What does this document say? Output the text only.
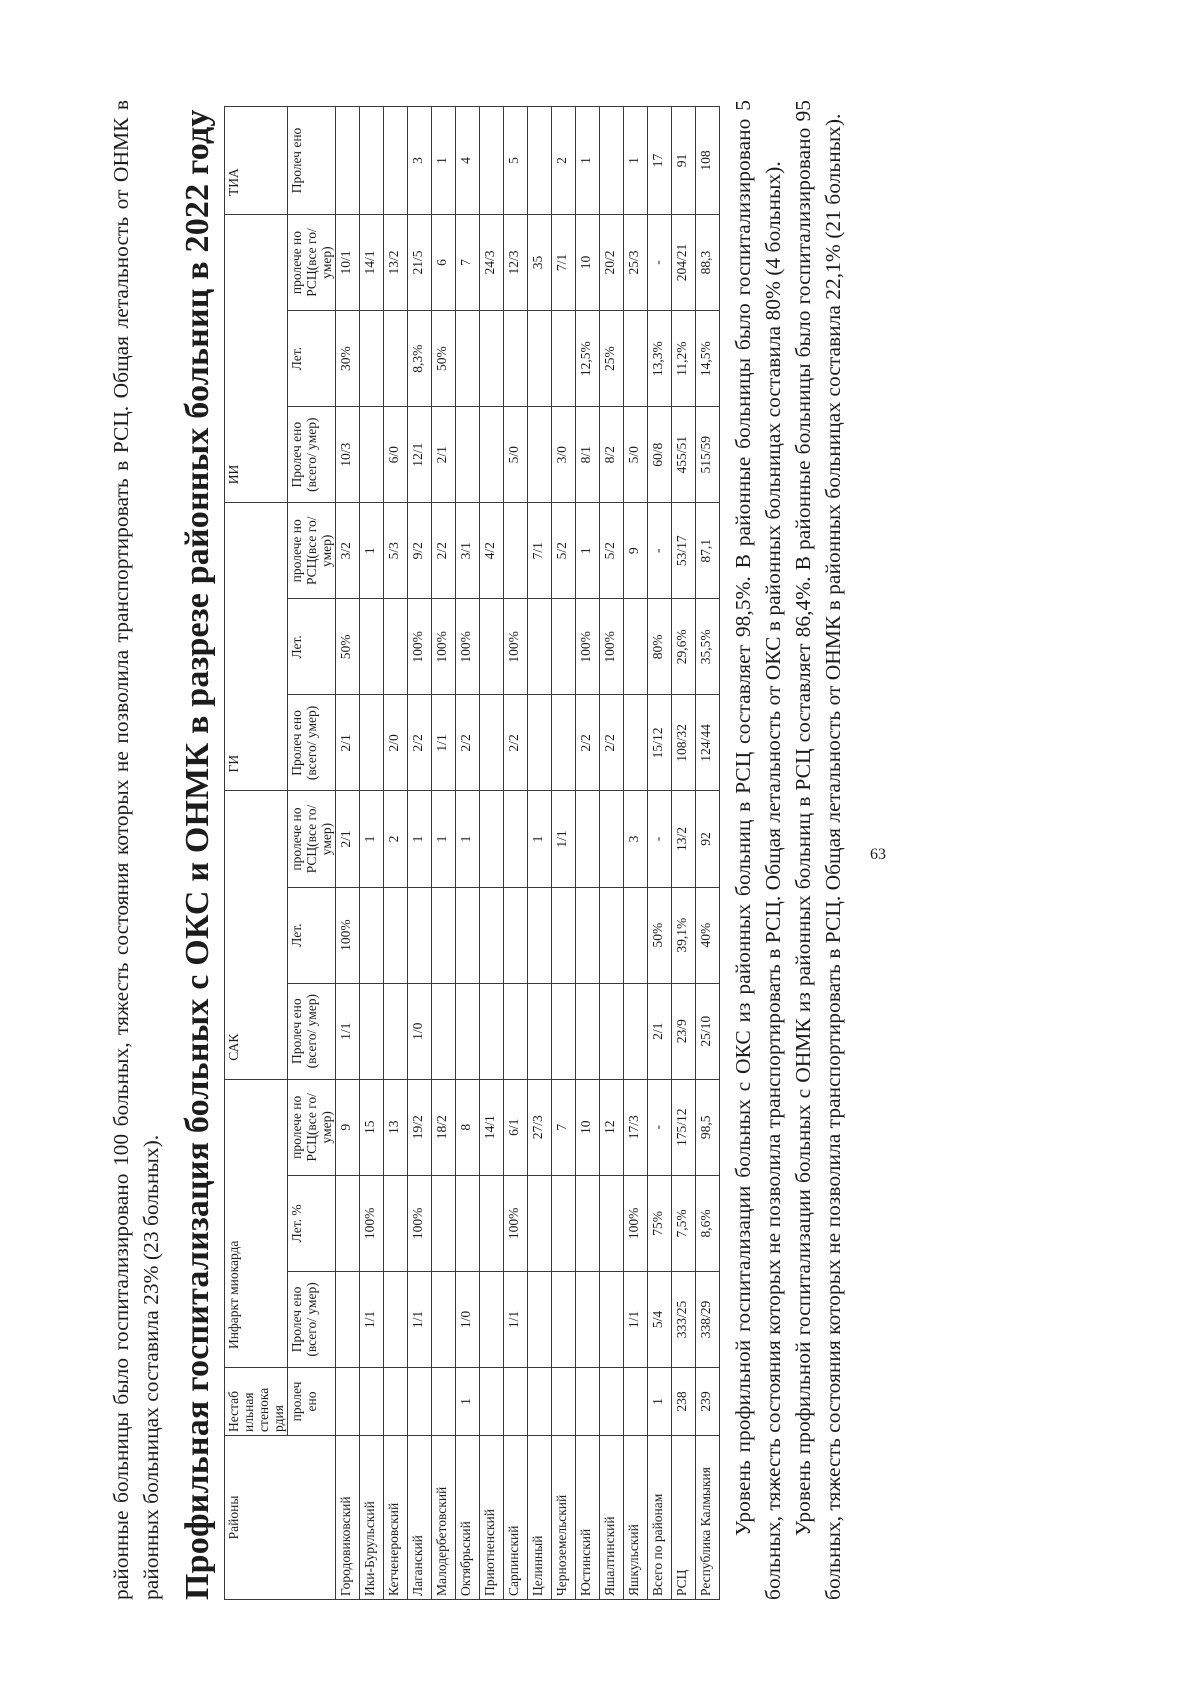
районные больницы было госпитализировано 100 больных, тяжесть состояния которых не позволила транспортировать в РСЦ. Общая летальность от ОНМК в районных больницах составила 23% (23 больных). Профильная госпитализация больных с ОКС и ОНМК в разрезе районных больниц в 2022 году Районы	Нестаб ильная стенока рдия	Инфаркт миокарда			САК			ГИ			ИИ			ТИА
	пролеч ено	Пролеч ено (всего/ умер)	Лет. %	пролече но РСЦ(все го/умер)	Пролеч ено (всего/ умер)	Лет.	пролече но РСЦ(все го/умер)	Пролеч ено (всего/ умер)	Лет.	пролече но РСЦ(все го/умер)	Пролеч ено (всего/ умер)	Лет.	пролече но РСЦ(все го/умер)	Пролеч ено
Городовиковский				9	1/1	100%	2/1	2/1	50%	3/2	10/3	30%	10/1	
Ики-Бурульский		1/1	100%	15			1			1			14/1	
Кетченеровский				13			2	2/0		5/3	6/0		13/2	
Лаганский		1/1	100%	19/2	1/0		1	2/2	100%	9/2	12/1	8,3%	21/5	3
Малодербетовский				18/2			1	1/1	100%	2/2	2/1	50%	6	1
Октябрьский	1	1/0		8			1	2/2	100%	3/1			7	4
Приютненский				14/1						4/2			24/3	
Сарпинский		1/1	100%	6/1				2/2	100%		5/0		12/3	5
Целинный				27/3			1			7/1			35	
Черноземельский				7			1/1			5/2	3/0		7/1	2
Юстинский				10				2/2	100%	1	8/1	12,5%	10	1
Яшалтинский				12				2/2	100%	5/2	8/2	25%	20/2	
Яшкульский		1/1	100%	17/3			3			9	5/0		25/3	1
Всего по районам	1	5/4	75%	-	2/1	50%	-	15/12	80%	-	60/8	13,3%	-	17
РСЦ	238	333/25	7,5%	175/12	23/9	39,1%	13/2	108/32	29,6%	53/17	455/51	11,2%	204/21	91
Республика Калмыкия	239	338/29	8,6%	98,5	25/10	40%	92	124/44	35,5%	87,1	515/59	14,5%	88,3	108 Уровень профильной госпитализации больных с ОКС из районных больниц в РСЦ составляет 98,5%. В районные больницы было госпитализировано 5 больных, тяжесть состояния которых не позволила транспортировать в РСЦ. Общая летальность от ОКС в районных больницах составила 80% (4 больных). Уровень профильной госпитализации больных с ОНМК из районных больниц в РСЦ составляет 86,4%. В районные больницы было госпитализировано 95 больных, тяжесть состояния которых не позволила транспортировать в РСЦ. Общая летальность от ОНМК в районных больницах составила 22,1% (21 больных). 63
